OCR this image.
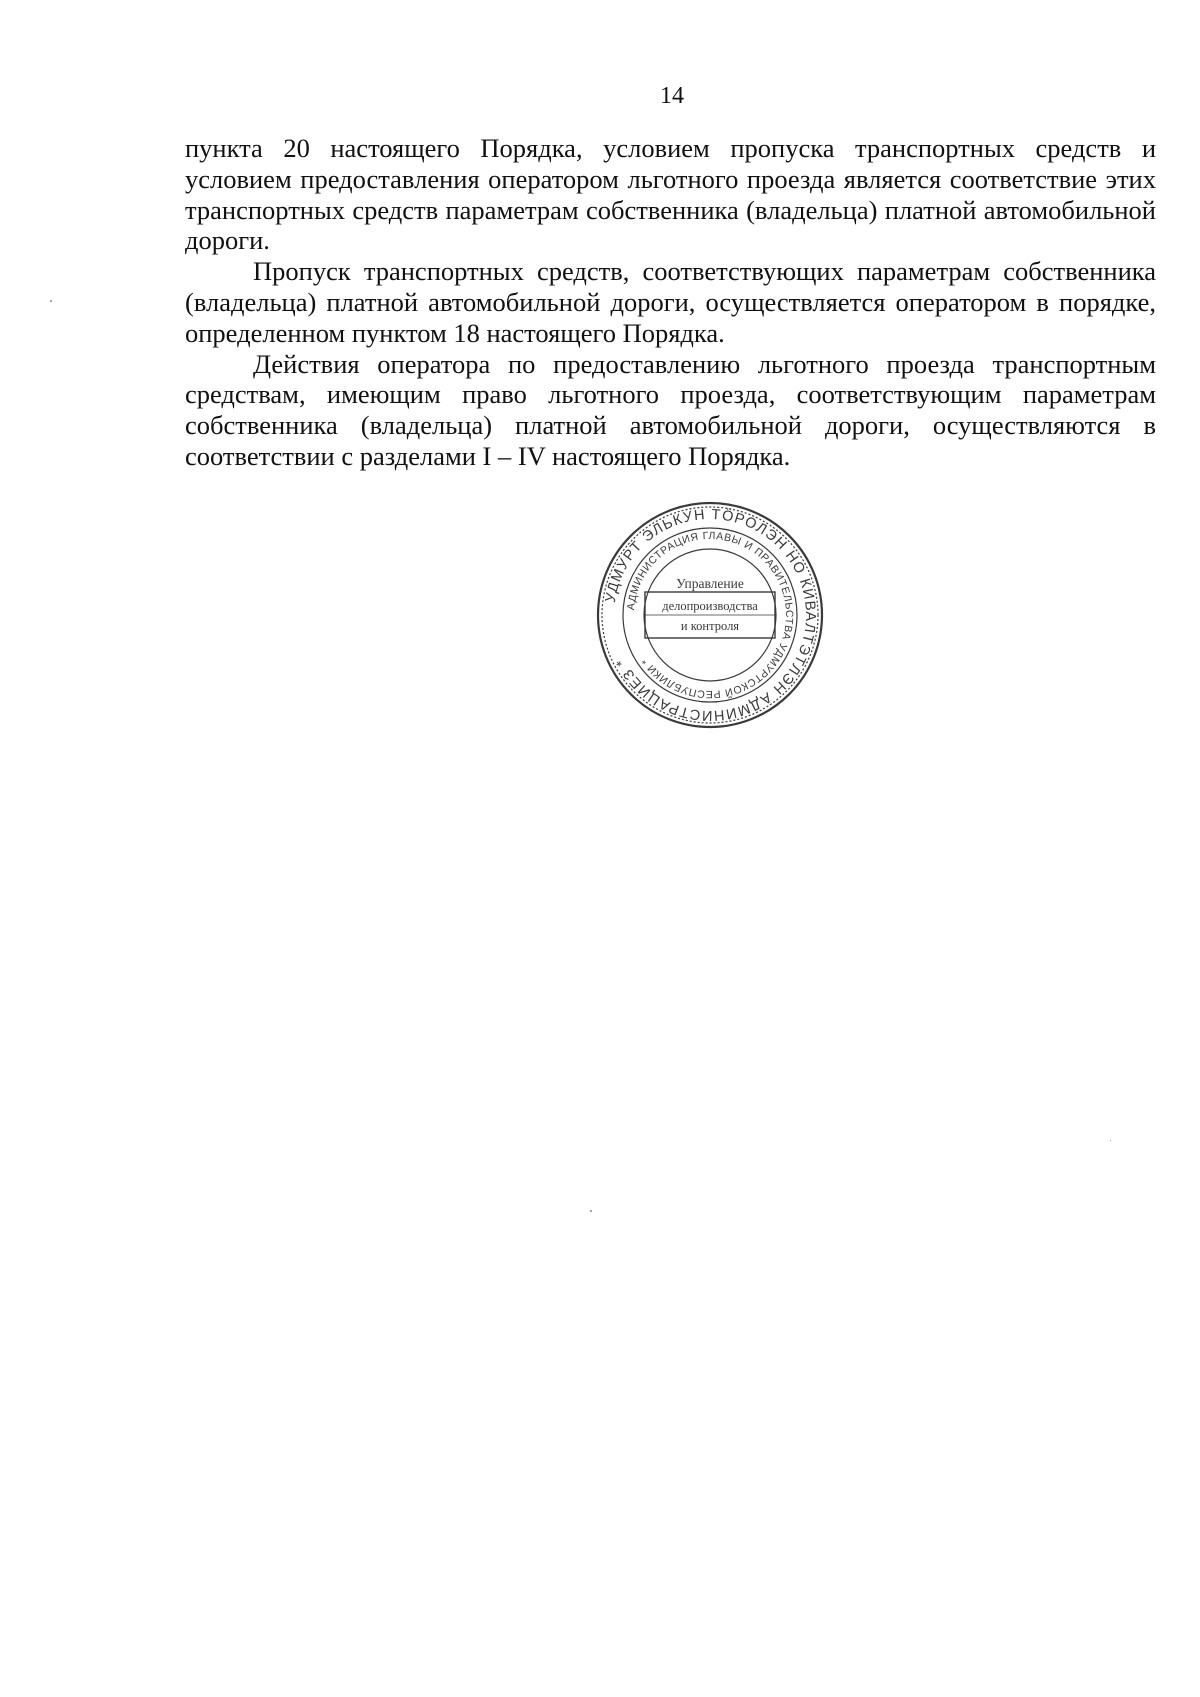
14

пункта 20 настоящего Порядка, условием пропуска транспортных средств и условием предоставления оператором льготного проезда является соответствие этих транспортных средств параметрам собственника (владельца) платной автомобильной дороги.

Пропуск транспортных средств, соответствующих параметрам собственника (владельца) платной автомобильной дороги, осуществляется оператором в порядке, определенном пунктом 18 настоящего Порядка.

Действия оператора по предоставлению льготного проезда транспортным средствам, имеющим право льготного проезда, соответствующим параметрам собственника (владельца) платной автомобильной дороги, осуществляются в соответствии с разделами I – IV настоящего Порядка.

УДМУРТ ЭЛЬКУН ТÖРОЛЭН НО КИВАЛТЭТЛЭН АДМИНИСТРАЦИЕЗ *
АДМИНИСТРАЦИЯ ГЛАВЫ И ПРАВИТЕЛЬСТВА УДМУРТСКОЙ РЕСПУБЛИКИ *
Управление
делопроизводства
и контроля
